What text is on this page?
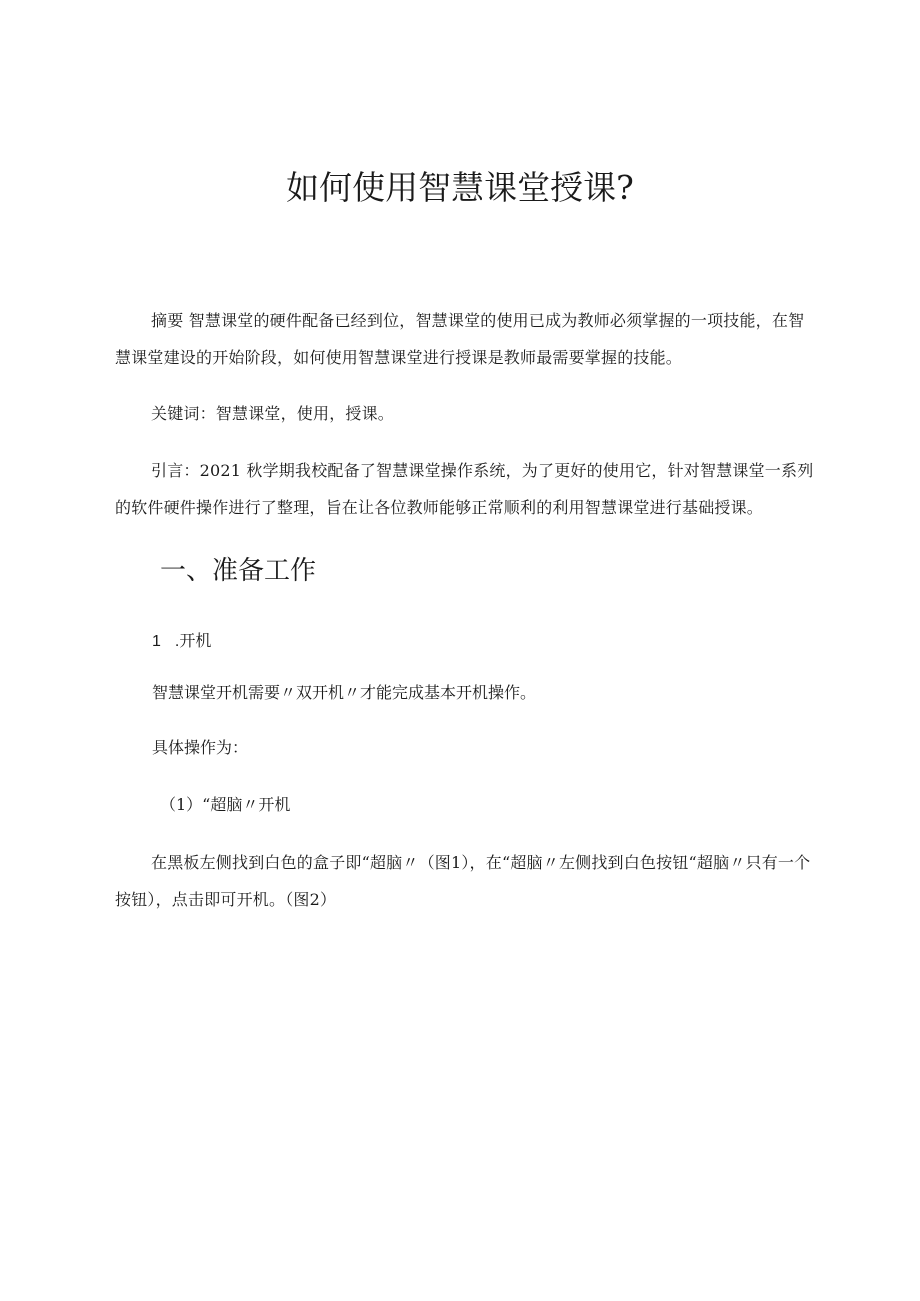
如何使用智慧课堂授课?

摘要 智慧课堂的硬件配备已经到位，智慧课堂的使用已成为教师必须掌握的一项技能，在智慧课堂建设的开始阶段，如何使用智慧课堂进行授课是教师最需要掌握的技能。

关键词：智慧课堂，使用，授课。

引言：2021 秋学期我校配备了智慧课堂操作系统，为了更好的使用它，针对智慧课堂一系列的软件硬件操作进行了整理，旨在让各位教师能够正常顺利的利用智慧课堂进行基础授课。

一、准备工作

1 .开机

智慧课堂开机需要〃双开机〃才能完成基本开机操作。

具体操作为：

（1）“超脑〃开机

在黑板左侧找到白色的盒子即“超脑〃（图1），在“超脑〃左侧找到白色按钮“超脑〃只有一个按钮），点击即可开机。（图2）
